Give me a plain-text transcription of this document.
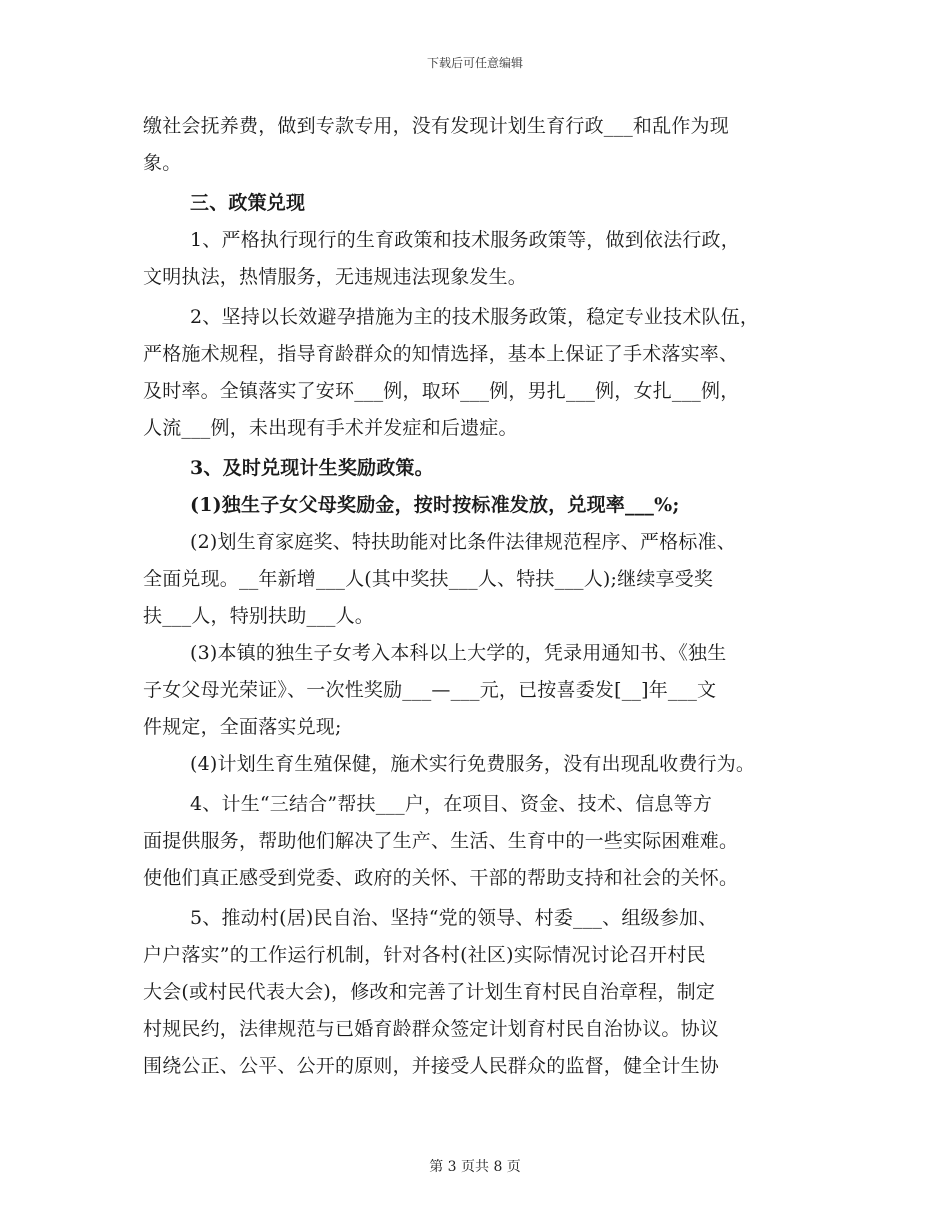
下载后可任意编辑
缴社会抚养费，做到专款专用，没有发现计划生育行政___和乱作为现
象。
三、政策兑现
1、严格执行现行的生育政策和技术服务政策等，做到依法行政，
文明执法，热情服务，无违规违法现象发生。
2、坚持以长效避孕措施为主的技术服务政策，稳定专业技术队伍，
严格施术规程，指导育龄群众的知情选择，基本上保证了手术落实率、
及时率。全镇落实了安环___例，取环___例，男扎___例，女扎___例，
人流___例，未出现有手术并发症和后遗症。
3、及时兑现计生奖励政策。
(1)独生子女父母奖励金，按时按标准发放，兑现率___%;
(2)划生育家庭奖、特扶助能对比条件法律规范程序、严格标准、
全面兑现。__年新增___人(其中奖扶___人、特扶___人);继续享受奖
扶___人，特别扶助___人。
(3)本镇的独生子女考入本科以上大学的，凭录用通知书、《独生
子女父母光荣证》、一次性奖励___—___元，已按喜委发[__]年___文
件规定，全面落实兑现;
(4)计划生育生殖保健，施术实行免费服务，没有出现乱收费行为。
4、计生“三结合”帮扶___户，在项目、资金、技术、信息等方
面提供服务，帮助他们解决了生产、生活、生育中的一些实际困难难。
使他们真正感受到党委、政府的关怀、干部的帮助支持和社会的关怀。
5、推动村(居)民自治、坚持“党的领导、村委___、组级参加、
户户落实”的工作运行机制，针对各村(社区)实际情况讨论召开村民
大会(或村民代表大会)，修改和完善了计划生育村民自治章程，制定
村规民约，法律规范与已婚育龄群众签定计划育村民自治协议。协议
围绕公正、公平、公开的原则，并接受人民群众的监督，健全计生协
第 3 页共 8 页
